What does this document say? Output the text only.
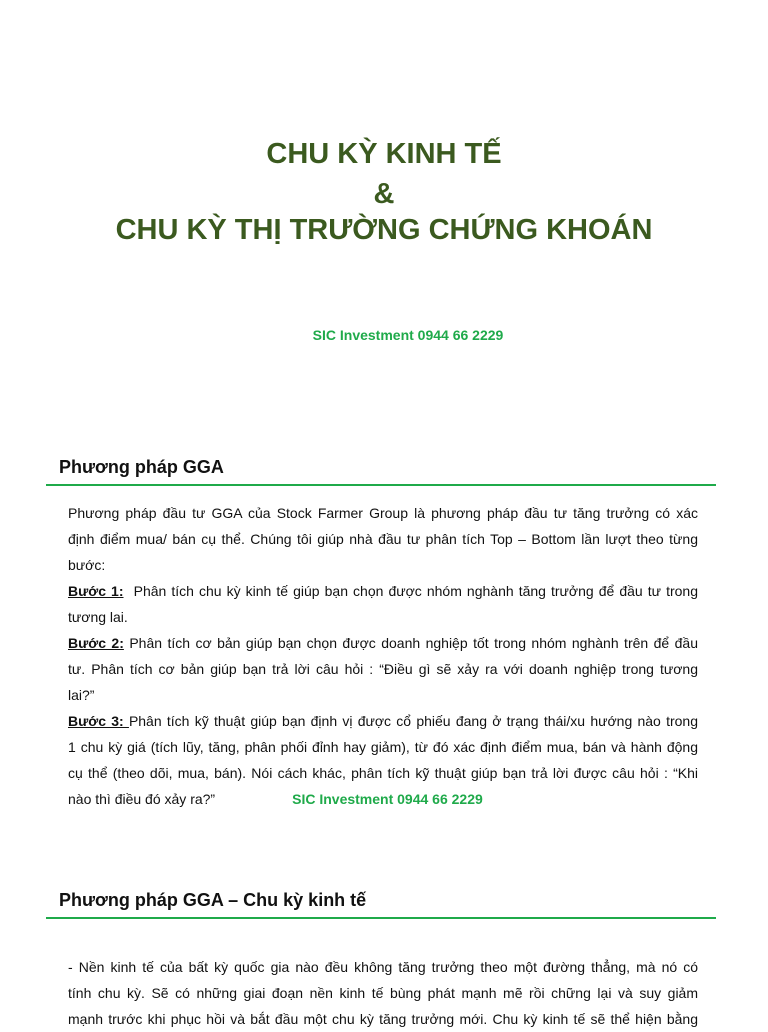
CHU KỲ KINH TẾ
&
CHU KỲ THỊ TRƯỜNG CHỨNG KHOÁN
SIC Investment 0944 66 2229
Phương pháp GGA
Phương pháp đầu tư GGA của Stock Farmer Group là phương pháp đầu tư tăng trưởng có xác
định điểm mua/ bán cụ thể. Chúng tôi giúp nhà đầu tư phân tích Top – Bottom lần lượt theo từng
bước:
Bước 1:  Phân tích chu kỳ kinh tế giúp bạn chọn được nhóm nghành tăng trưởng để đầu tư trong
tương lai.
Bước 2: Phân tích cơ bản giúp bạn chọn được doanh nghiệp tốt trong nhóm nghành trên để đầu
tư. Phân tích cơ bản giúp bạn trả lời câu hỏi : “Điều gì sẽ xảy ra với doanh nghiệp trong tương
lai?”
Bước 3: Phân tích kỹ thuật giúp bạn định vị được cổ phiếu đang ở trạng thái/xu hướng nào trong
1 chu kỳ giá (tích lũy, tăng, phân phối đỉnh hay giảm), từ đó xác định điểm mua, bán và hành động
cụ thể (theo dõi, mua, bán). Nói cách khác, phân tích kỹ thuật giúp bạn trả lời được câu hỏi : “Khi
nào thì điều đó xảy ra?”	SIC Investment 0944 66 2229
Phương pháp GGA – Chu kỳ kinh tế
- Nền kinh tế của bất kỳ quốc gia nào đều không tăng trưởng theo một đường thẳng, mà nó có
tính chu kỳ. Sẽ có những giai đoạn nền kinh tế bùng phát mạnh mẽ rồi chững lại và suy giảm
mạnh trước khi phục hồi và bắt đầu một chu kỳ tăng trưởng mới. Chu kỳ kinh tế sẽ thể hiện bằng
